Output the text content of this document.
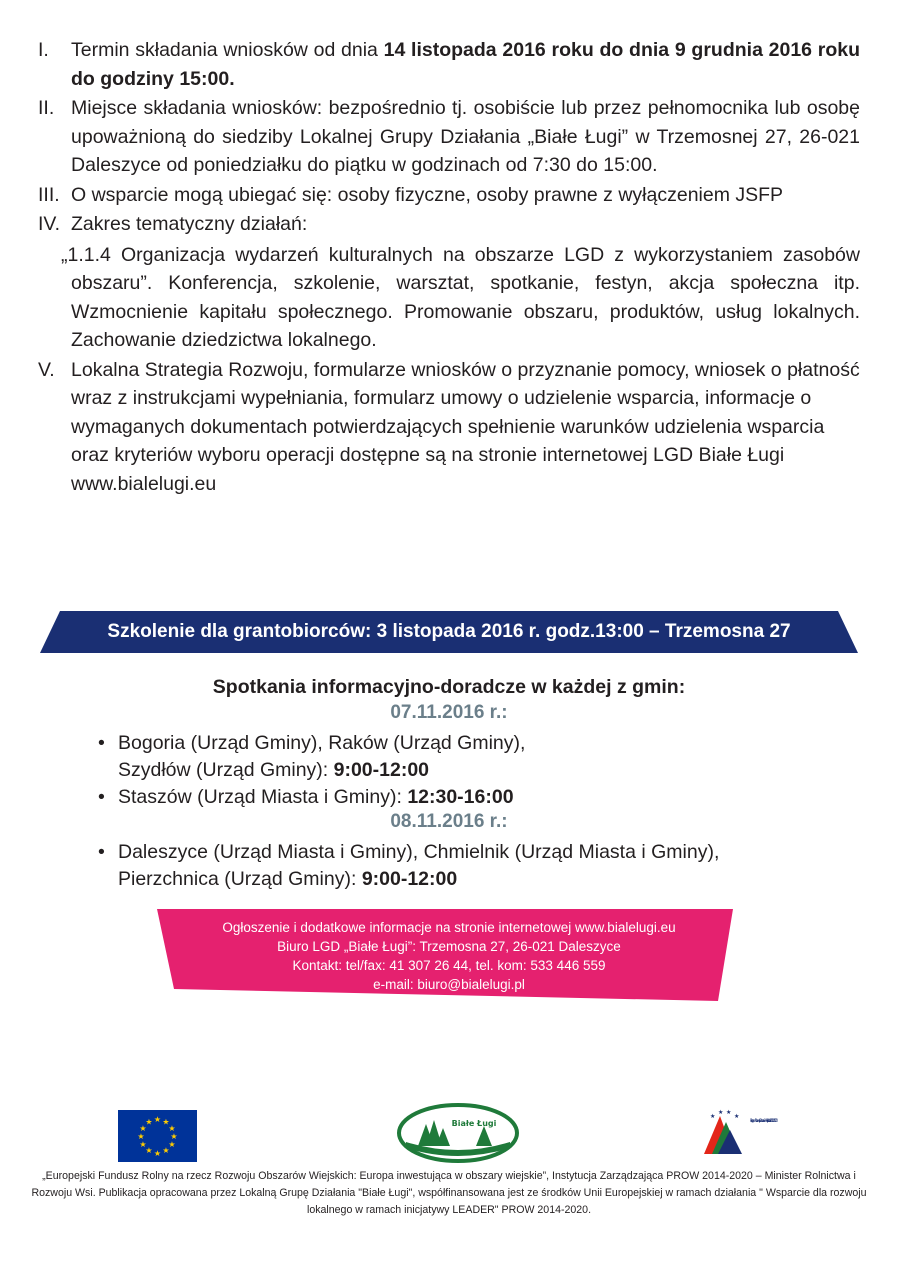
I.	Termin składania wniosków od dnia 14 listopada 2016 roku do dnia 9 grudnia 2016 roku do godziny 15:00.
II. Miejsce składania wniosków: bezpośrednio tj. osobiście lub przez pełnomocnika lub osobę upoważnioną do siedziby Lokalnej Grupy Działania „Białe Ługi” w Trzemosnej 27, 26-021 Daleszyce od poniedziałku do piątku w godzinach od 7:30 do 15:00.
III. O wsparcie mogą ubiegać się: osoby fizyczne, osoby prawne z wyłączeniem JSFP
IV. Zakres tematyczny działań:
„1.1.4 Organizacja wydarzeń kulturalnych na obszarze LGD z wykorzystaniem zasobów obszaru”. Konferencja, szkolenie, warsztat, spotkanie, festyn, akcja społeczna itp. Wzmocnienie kapitału społecznego. Promowanie obszaru, produktów, usług lokalnych. Zachowanie dziedzictwa lokalnego.
V. Lokalna Strategia Rozwoju, formularze wniosków o przyznanie pomocy, wniosek o płatność wraz z instrukcjami wypełniania, formularz umowy o udzielenie wsparcia, informacje o wymaganych dokumentach potwierdzających spełnienie warunków udzielenia wsparcia oraz kryteriów wyboru operacji dostępne są na stronie internetowej LGD Białe Ługi www.bialelugi.eu
Szkolenie dla grantobiorców: 3 listopada 2016 r. godz.13:00 – Trzemosna 27
Spotkania informacyjno-doradcze w każdej z gmin:
07.11.2016 r.:
• Bogoria (Urząd Gminy), Raków (Urząd Gminy),
Szydłów (Urząd Gminy): 9:00-12:00
• Staszów (Urząd Miasta i Gminy): 12:30-16:00
08.11.2016 r.:
• Daleszyce (Urząd Miasta i Gminy), Chmielnik (Urząd Miasta i Gminy),
Pierzchnica (Urząd Gminy): 9:00-12:00
Ogłoszenie i dodatkowe informacje na stronie internetowej www.bialelugi.eu
Biuro LGD „Białe Ługi”: Trzemosna 27, 26-021 Daleszyce
Kontakt: tel/fax: 41 307 26 44, tel. kom: 533 446 559
e-mail: biuro@bialelugi.pl
★ ★
★
★
★
★
★
★
★
★
★
★	Białe Ługi
★
★ ★
★
Program Rozwoju Obszarów Wiejskich na lata 2014-2020
„Europejski Fundusz Rolny na rzecz Rozwoju Obszarów Wiejskich: Europa inwestująca w obszary wiejskie”, Instytucja Zarządzająca PROW 2014-2020 – Minister Rolnictwa i Rozwoju Wsi. Publikacja opracowana przez Lokalną Grupę Działania "Białe Ługi", współfinansowana jest ze środków Unii Europejskiej w ramach działania " Wsparcie dla rozwoju lokalnego w ramach inicjatywy LEADER" PROW 2014-2020.
